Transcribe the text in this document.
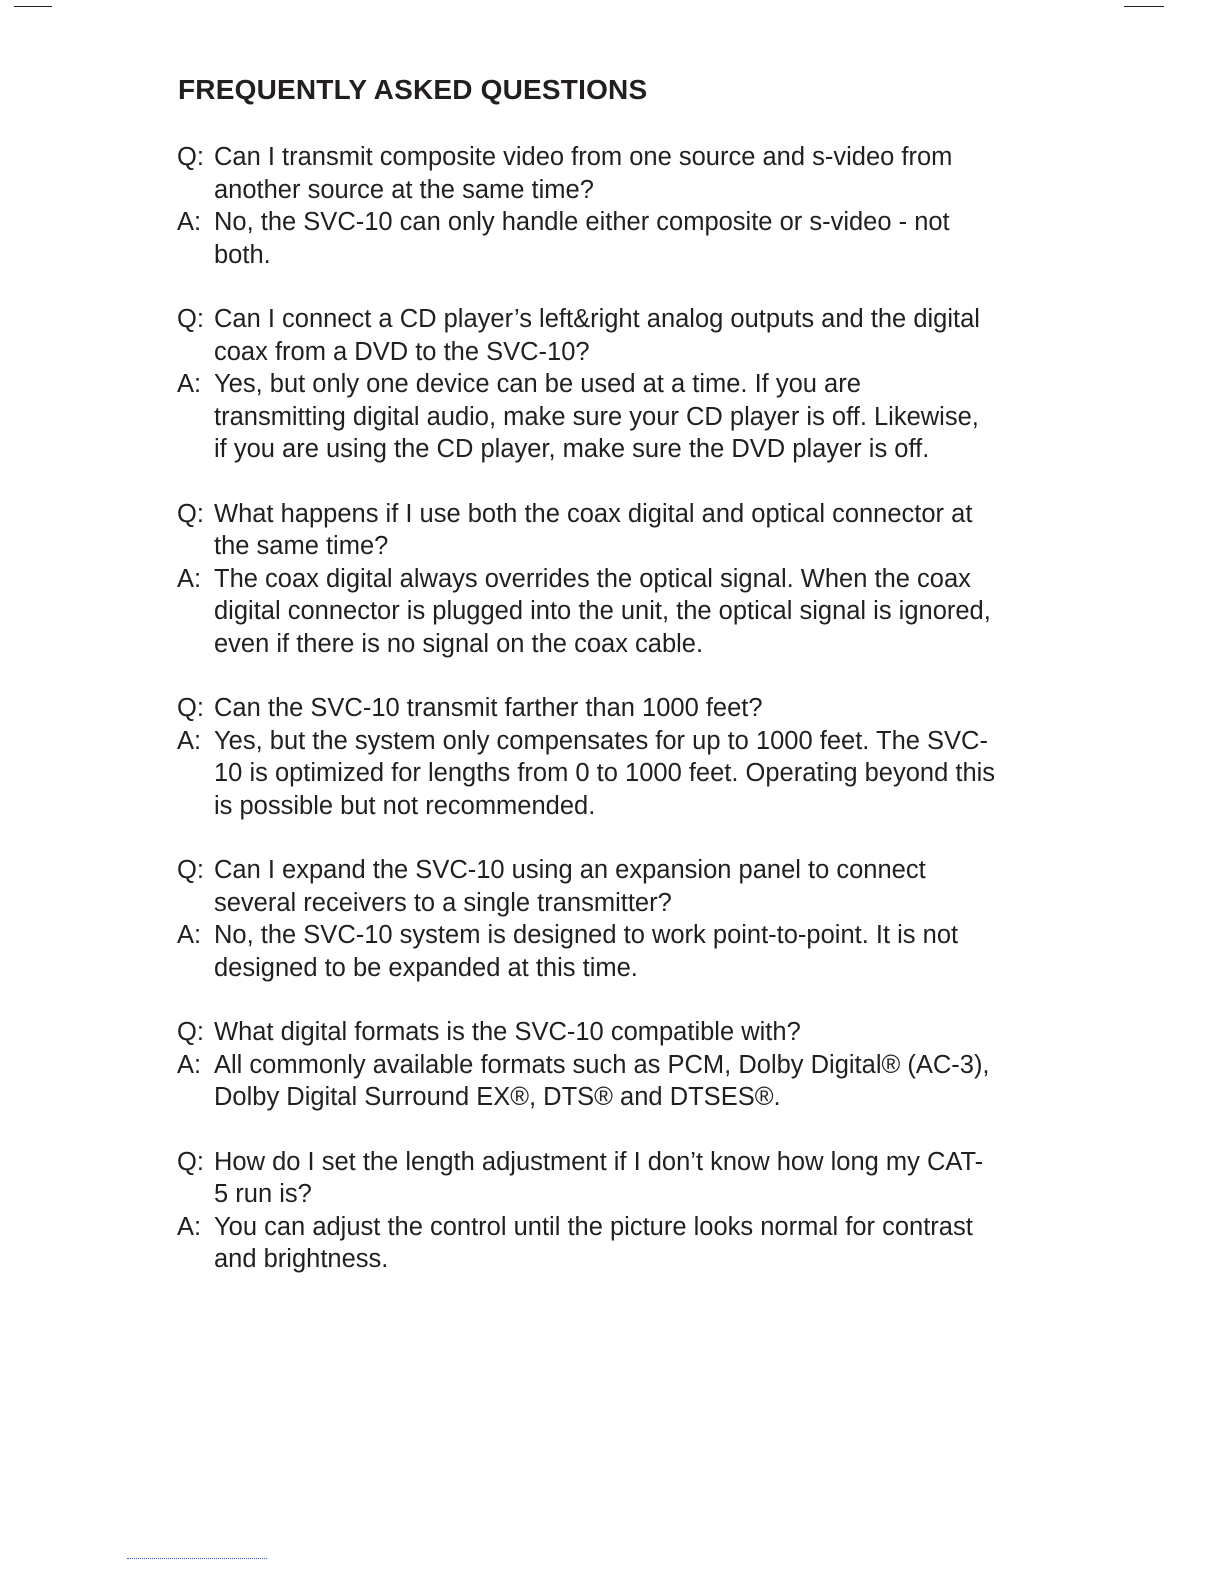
FREQUENTLY ASKED QUESTIONS
Q: Can I transmit composite video from one source and s-video from another source at the same time?
A: No, the SVC-10 can only handle either composite or s-video - not both.
Q: Can I connect a CD player’s left&right analog outputs and the digital coax from a DVD to the SVC-10?
A: Yes, but only one device can be used at a time. If you are transmitting digital audio, make sure your CD player is off. Likewise, if you are using the CD player, make sure the DVD player is off.
Q: What happens if I use both the coax digital and optical connector at the same time?
A: The coax digital always overrides the optical signal. When the coax digital connector is plugged into the unit, the optical signal is ignored, even if there is no signal on the coax cable.
Q: Can the SVC-10 transmit farther than 1000 feet?
A: Yes, but the system only compensates for up to 1000 feet. The SVC-10 is optimized for lengths from 0 to 1000 feet. Operating beyond this is possible but not recommended.
Q: Can I expand the SVC-10 using an expansion panel to connect several receivers to a single transmitter?
A: No, the SVC-10 system is designed to work point-to-point. It is not designed to be expanded at this time.
Q: What digital formats is the SVC-10 compatible with?
A: All commonly available formats such as PCM, Dolby Digital® (AC-3), Dolby Digital Surround EX®, DTS® and DTSES®.
Q: How do I set the length adjustment if I don’t know how long my CAT-5 run is?
A: You can adjust the control until the picture looks normal for contrast and brightness.
